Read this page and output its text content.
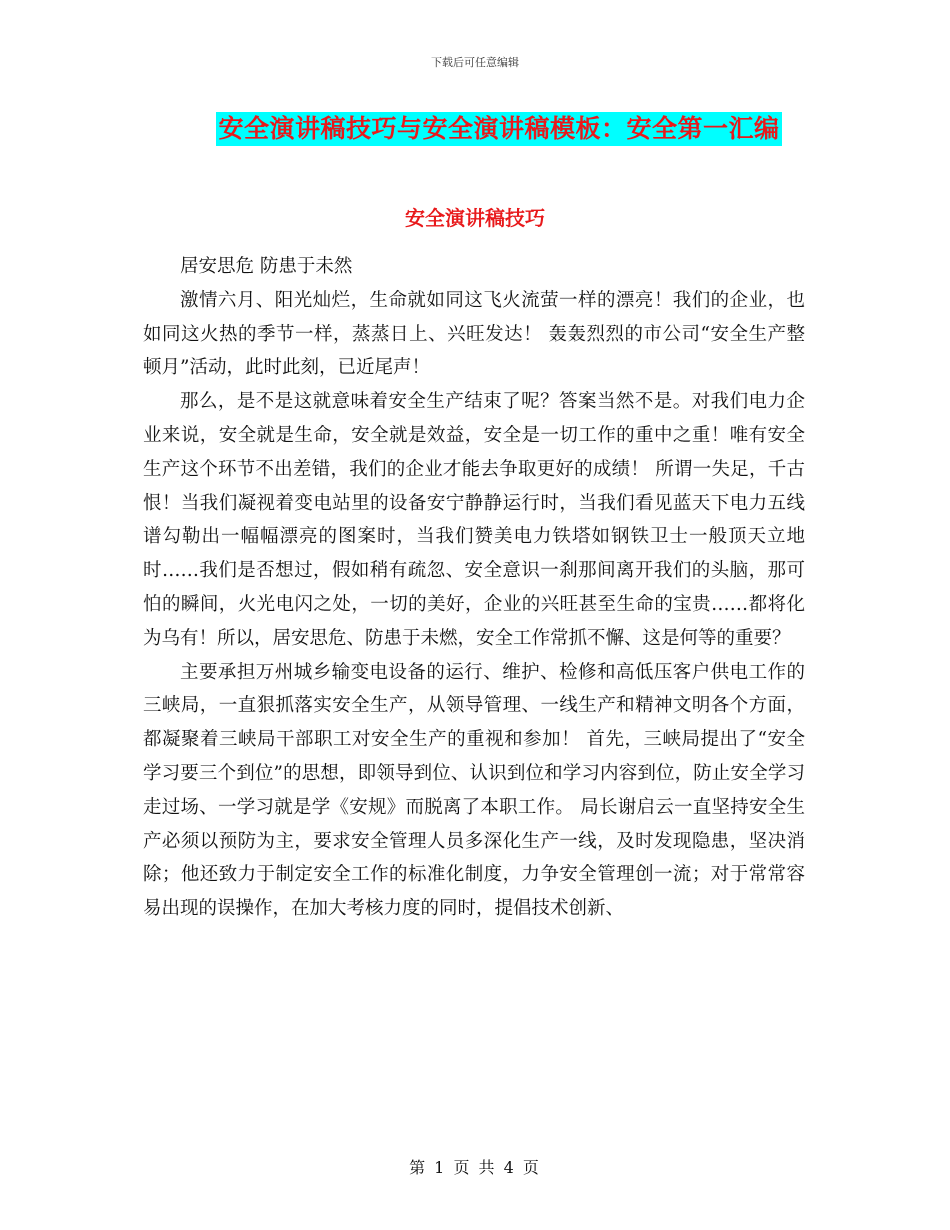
下载后可任意编辑
安全演讲稿技巧与安全演讲稿模板：安全第一汇编
安全演讲稿技巧

居安思危 防患于未然

激情六月、阳光灿烂，生命就如同这飞火流萤一样的漂亮！我们的企业，也如同这火热的季节一样，蒸蒸日上、兴旺发达！ 轰轰烈烈的市公司“安全生产整顿月”活动，此时此刻，已近尾声！

那么，是不是这就意味着安全生产结束了呢？答案当然不是。对我们电力企业来说，安全就是生命，安全就是效益，安全是一切工作的重中之重！唯有安全生产这个环节不出差错，我们的企业才能去争取更好的成绩！ 所谓一失足，千古恨！当我们凝视着变电站里的设备安宁静静运行时，当我们看见蓝天下电力五线谱勾勒出一幅幅漂亮的图案时，当我们赞美电力铁塔如钢铁卫士一般顶天立地时……我们是否想过，假如稍有疏忽、安全意识一刹那间离开我们的头脑，那可怕的瞬间，火光电闪之处，一切的美好，企业的兴旺甚至生命的宝贵……都将化为乌有！所以，居安思危、防患于未燃，安全工作常抓不懈、这是何等的重要？

主要承担万州城乡输变电设备的运行、维护、检修和高低压客户供电工作的三峡局，一直狠抓落实安全生产，从领导管理、一线生产和精神文明各个方面，都凝聚着三峡局干部职工对安全生产的重视和参加！ 首先，三峡局提出了“安全学习要三个到位”的思想，即领导到位、认识到位和学习内容到位，防止安全学习走过场、一学习就是学《安规》而脱离了本职工作。 局长谢启云一直坚持安全生产必须以预防为主，要求安全管理人员多深化生产一线，及时发现隐患，坚决消除；他还致力于制定安全工作的标准化制度，力争安全管理创一流；对于常常容易出现的误操作，在加大考核力度的同时，提倡技术创新、

第 1 页 共 4 页
